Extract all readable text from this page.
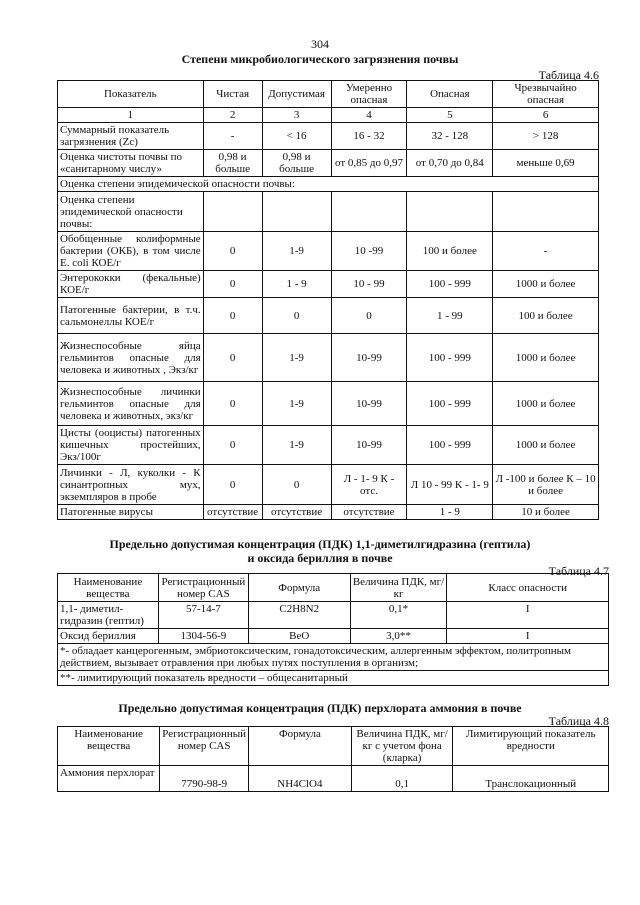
304
Степени микробиологического загрязнения почвы
Таблица 4.6
Показатель	Чистая	Допустимая	Умеренно опасная	Опасная	Чрезвычайно опасная
1	2	3	4	5	6
Суммарный показатель загрязнения (Zc)	-	< 16	16 - 32	32 - 128	> 128
Оценка чистоты почвы по «санитарному числу»	0,98 и больше	0,98 и больше	от 0,85 до 0,97	от 0,70 до 0,84	меньше 0,69
Оценка степени эпидемической опасности почвы:					
Оценка степени эпидемической опасности почвы:					
Обобщенные колиформные бактерии (ОКБ), в том числе E. coli КОЕ/г	0	1-9	10 -99	100 и более	-
Энтерококки (фекальные) КОЕ/г	0	1 - 9	10 - 99	100 - 999	1000 и более
Патогенные бактерии, в т.ч. сальмонеллы КОЕ/г	0	0	0	1 - 99	100 и более
Жизнеспособные яйца гельминтов опасные для человека и животных , Экз/кг	0	1-9	10-99	100 - 999	1000 и более
Жизнеспособные личинки гельминтов опасные для человека и животных, экз/кг	0	1-9	10-99	100 - 999	1000 и более
Цисты (ооцисты) патогенных кишечных простейших, Экз/100г	0	1-9	10-99	100 - 999	1000 и более
Личинки - Л, куколки - К синантропных мух, экземпляров в пробе	0	0	Л - 1- 9 К - отс.	Л 10 - 99 К - 1- 9	Л -100 и более К – 10 и более
Патогенные вирусы	отсутствие	отсутствие	отсутствие	1 - 9	10 и более
Предельно допустимая концентрация (ПДК) 1,1-диметилгидразина (гептила)
и оксида бериллия в почве
Таблица 4.7
Наименование вещества	Регистрационный номер CAS	Формула	Величина ПДК, мг/кг	Класс опасности
1,1- диметил-гидразин (гептил)	57-14-7	C2H8N2	0,1*	I
Оксид бериллия	1304-56-9	BeO	3,0**	I
*- обладает канцерогенным, эмбриотоксическим, гонадотоксическим, аллергенным эффектом, политропным действием, вызывает отравления при любых путях поступления в организм;				
**- лимитирующий показатель вредности – общесанитарный				
Предельно допустимая концентрация (ПДК) перхлората аммония в почве
Таблица 4.8
Наименование вещества	Регистрационный номер CAS	Формула	Величина ПДК, мг/кг с учетом фона (кларка)	Лимитирующий показатель вредности
Аммония перхлорат	7790-98-9	NH4ClO4	0,1	Транслокационный
